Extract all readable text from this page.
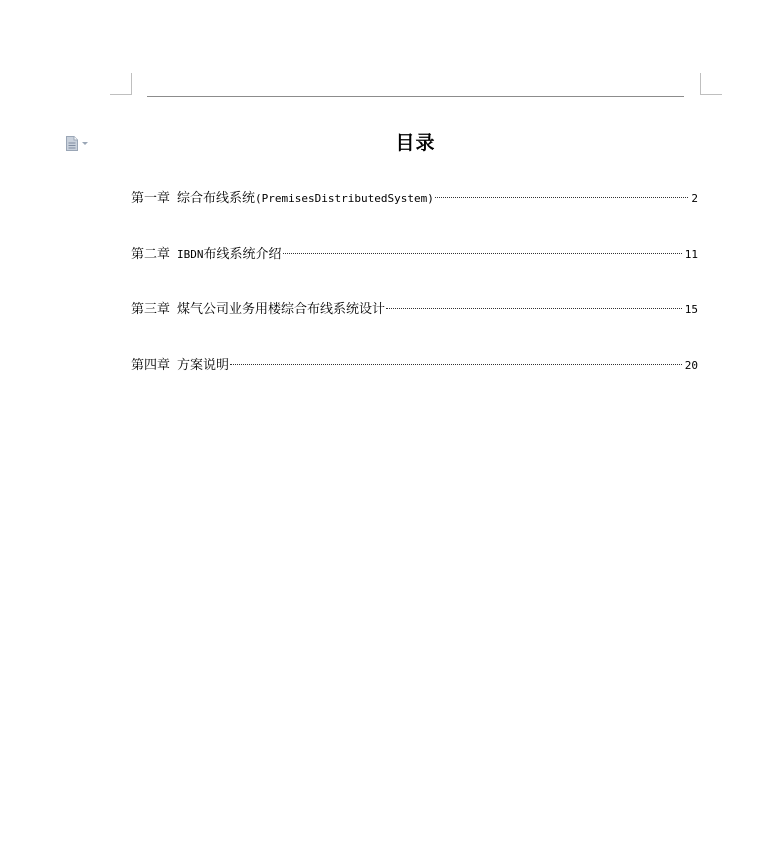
目录
第一章 综合布线系统 (PremisesDistributedSystem)	2
第二章 IBDN 布线系统介绍	11
第三章 煤气公司业务用楼综合布线系统设计	15
第四章 方案说明	20
